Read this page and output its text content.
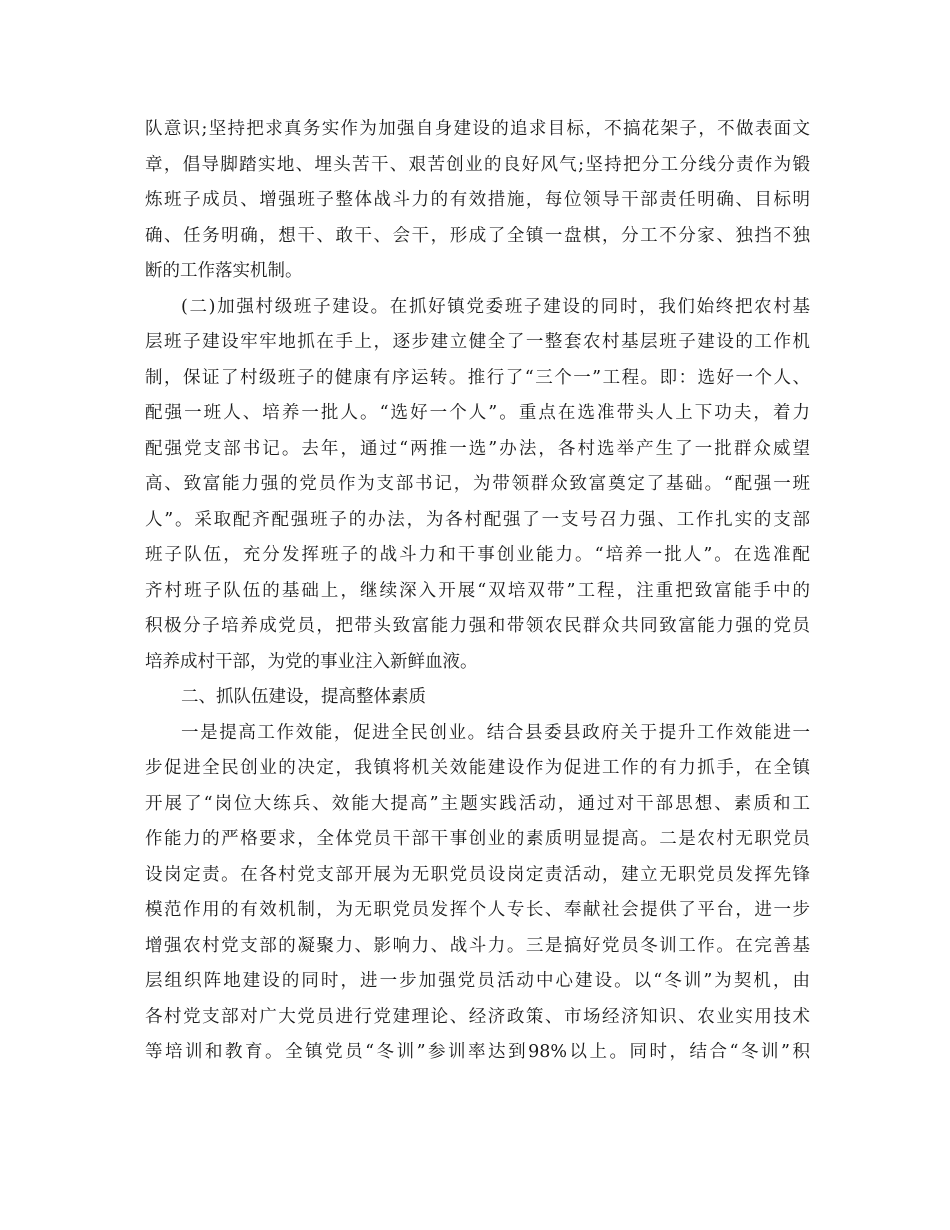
队意识;坚持把求真务实作为加强自身建设的追求目标，不搞花架子，不做表面文
章，倡导脚踏实地、埋头苦干、艰苦创业的良好风气;坚持把分工分线分责作为锻
炼班子成员、增强班子整体战斗力的有效措施，每位领导干部责任明确、目标明
确、任务明确，想干、敢干、会干，形成了全镇一盘棋，分工不分家、独挡不独
断的工作落实机制。
(二)加强村级班子建设。在抓好镇党委班子建设的同时，我们始终把农村基
层班子建设牢牢地抓在手上，逐步建立健全了一整套农村基层班子建设的工作机
制，保证了村级班子的健康有序运转。推行了“三个一”工程。即：选好一个人、
配强一班人、培养一批人。“选好一个人”。重点在选准带头人上下功夫，着力
配强党支部书记。去年，通过“两推一选”办法，各村选举产生了一批群众威望
高、致富能力强的党员作为支部书记，为带领群众致富奠定了基础。“配强一班
人”。采取配齐配强班子的办法，为各村配强了一支号召力强、工作扎实的支部
班子队伍，充分发挥班子的战斗力和干事创业能力。“培养一批人”。在选准配
齐村班子队伍的基础上，继续深入开展“双培双带”工程，注重把致富能手中的
积极分子培养成党员，把带头致富能力强和带领农民群众共同致富能力强的党员
培养成村干部，为党的事业注入新鲜血液。
二、抓队伍建设，提高整体素质
一是提高工作效能，促进全民创业。结合县委县政府关于提升工作效能进一
步促进全民创业的决定，我镇将机关效能建设作为促进工作的有力抓手，在全镇
开展了“岗位大练兵、效能大提高”主题实践活动，通过对干部思想、素质和工
作能力的严格要求，全体党员干部干事创业的素质明显提高。二是农村无职党员
设岗定责。在各村党支部开展为无职党员设岗定责活动，建立无职党员发挥先锋
模范作用的有效机制，为无职党员发挥个人专长、奉献社会提供了平台，进一步
增强农村党支部的凝聚力、影响力、战斗力。三是搞好党员冬训工作。在完善基
层组织阵地建设的同时，进一步加强党员活动中心建设。以“冬训”为契机，由
各村党支部对广大党员进行党建理论、经济政策、市场经济知识、农业实用技术
等培训和教育。全镇党员“冬训”参训率达到98%以上。同时，结合“冬训”积
